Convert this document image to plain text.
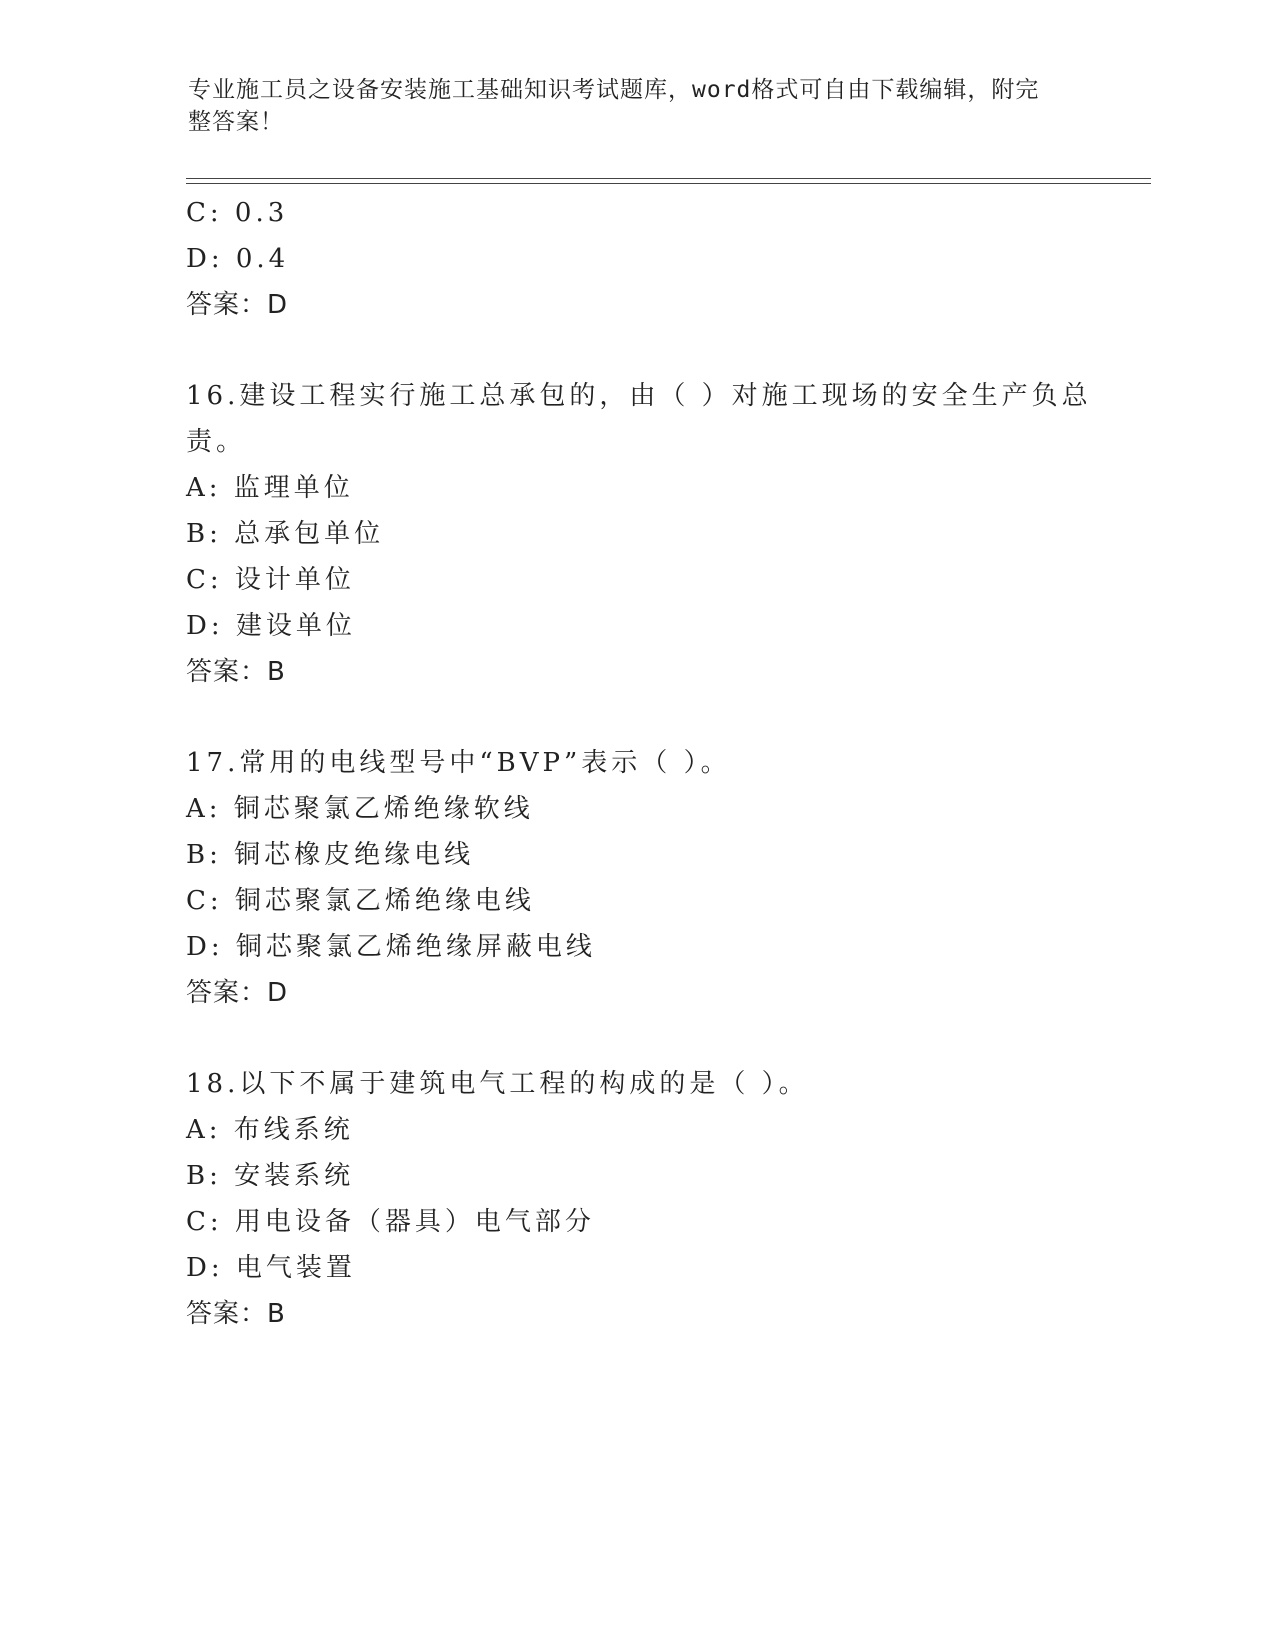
专业施工员之设备安装施工基础知识考试题库，word格式可自由下载编辑，附完
整答案！
C: 0.3
D: 0.4
答案：D
16.建设工程实行施工总承包的，由（ ）对施工现场的安全生产负总
责。
A: 监理单位
B: 总承包单位
C: 设计单位
D: 建设单位
答案：B
17.常用的电线型号中“BVP”表示（ ）。
A: 铜芯聚氯乙烯绝缘软线
B: 铜芯橡皮绝缘电线
C: 铜芯聚氯乙烯绝缘电线
D: 铜芯聚氯乙烯绝缘屏蔽电线
答案：D
18.以下不属于建筑电气工程的构成的是（ ）。
A: 布线系统
B: 安装系统
C: 用电设备（器具）电气部分
D: 电气装置
答案：B
